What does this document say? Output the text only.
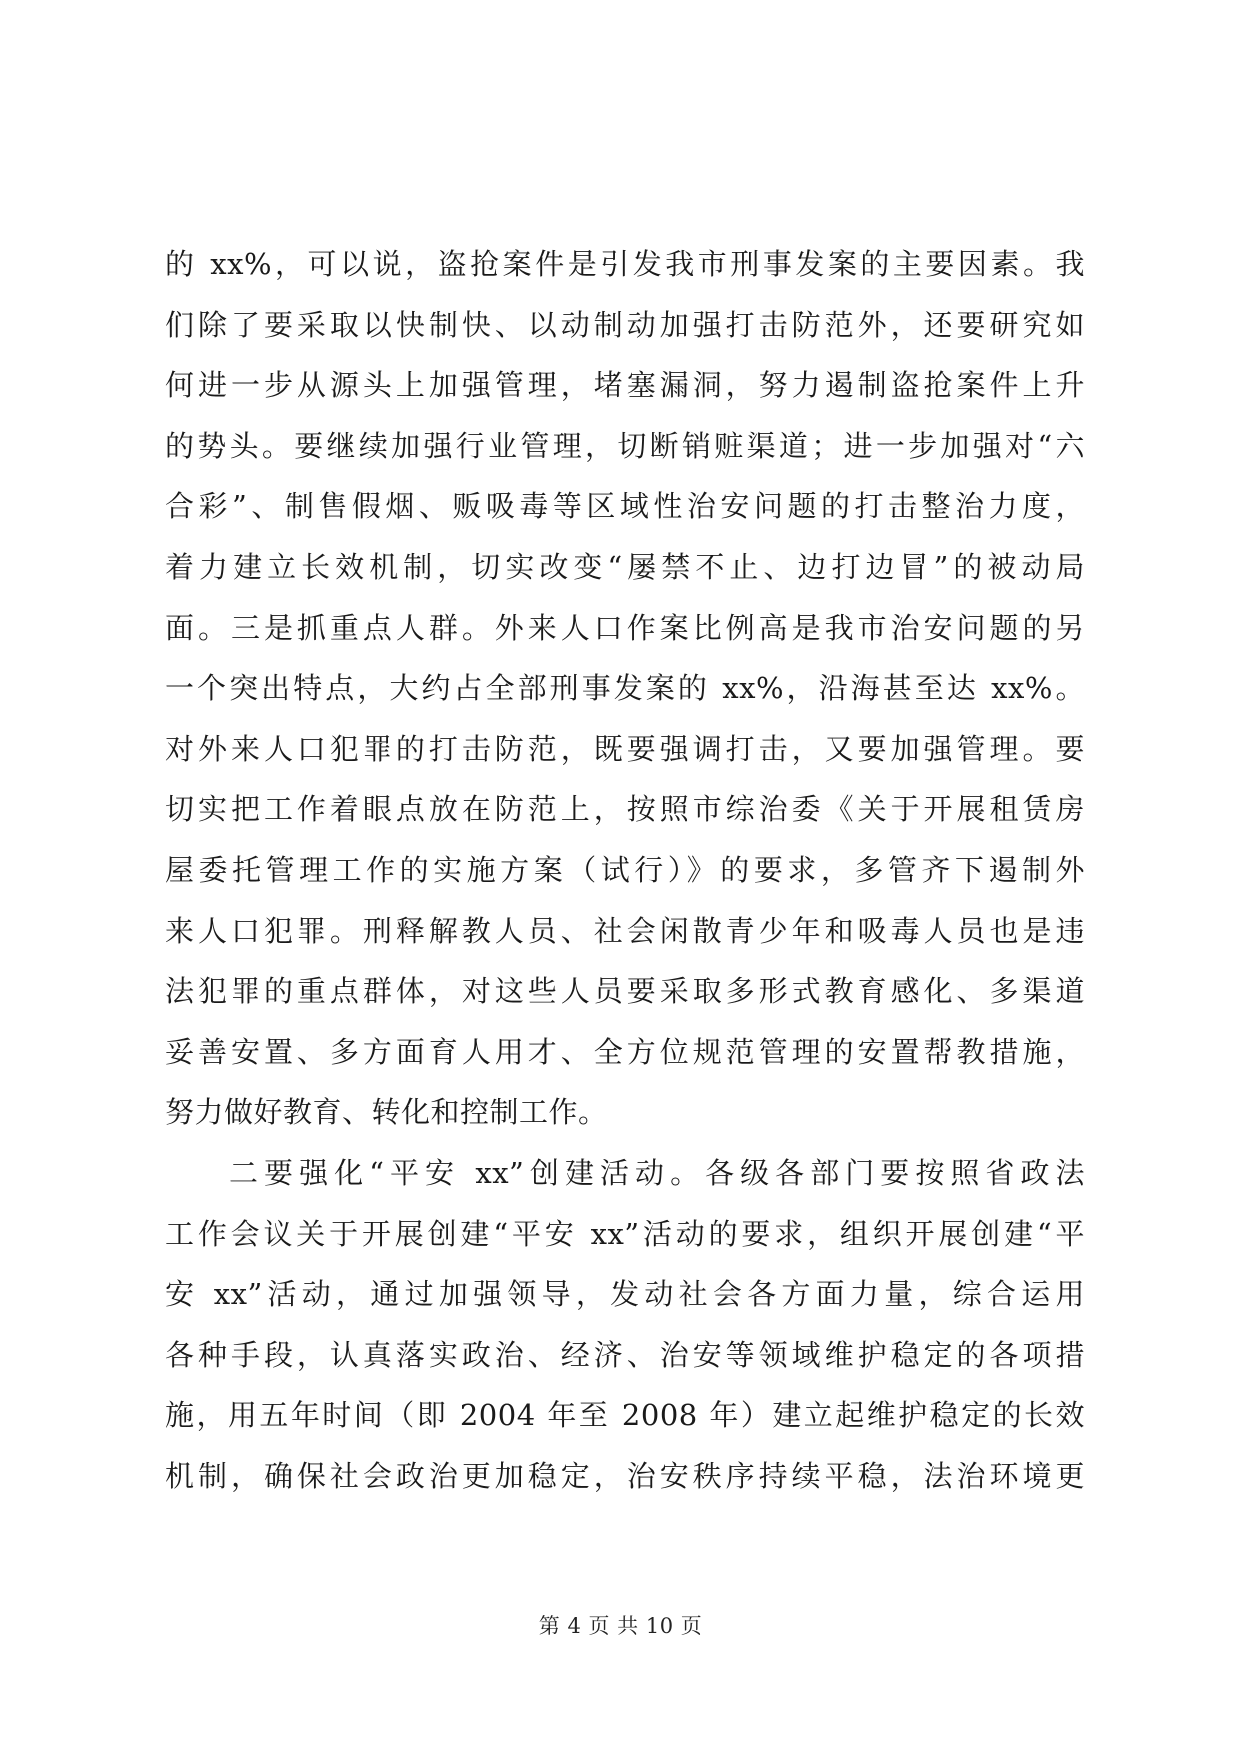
的 xx%，可以说，盗抢案件是引发我市刑事发案的主要因素。我
们除了要采取以快制快、以动制动加强打击防范外，还要研究如
何进一步从源头上加强管理，堵塞漏洞，努力遏制盗抢案件上升
的势头。要继续加强行业管理，切断销赃渠道；进一步加强对“六
合彩”、制售假烟、贩吸毒等区域性治安问题的打击整治力度，
着力建立长效机制，切实改变“屡禁不止、边打边冒”的被动局
面。三是抓重点人群。外来人口作案比例高是我市治安问题的另
一个突出特点，大约占全部刑事发案的 xx%，沿海甚至达 xx%。
对外来人口犯罪的打击防范，既要强调打击，又要加强管理。要
切实把工作着眼点放在防范上，按照市综治委《关于开展租赁房
屋委托管理工作的实施方案（试行）》的要求，多管齐下遏制外
来人口犯罪。刑释解教人员、社会闲散青少年和吸毒人员也是违
法犯罪的重点群体，对这些人员要采取多形式教育感化、多渠道
妥善安置、多方面育人用才、全方位规范管理的安置帮教措施，
努力做好教育、转化和控制工作。
二要强化“平安 xx”创建活动。各级各部门要按照省政法
工作会议关于开展创建“平安 xx”活动的要求，组织开展创建“平
安 xx”活动，通过加强领导，发动社会各方面力量，综合运用
各种手段，认真落实政治、经济、治安等领域维护稳定的各项措
施，用五年时间（即 2004 年至 2008 年）建立起维护稳定的长效
机制，确保社会政治更加稳定，治安秩序持续平稳，法治环境更
第 4 页 共 10 页
